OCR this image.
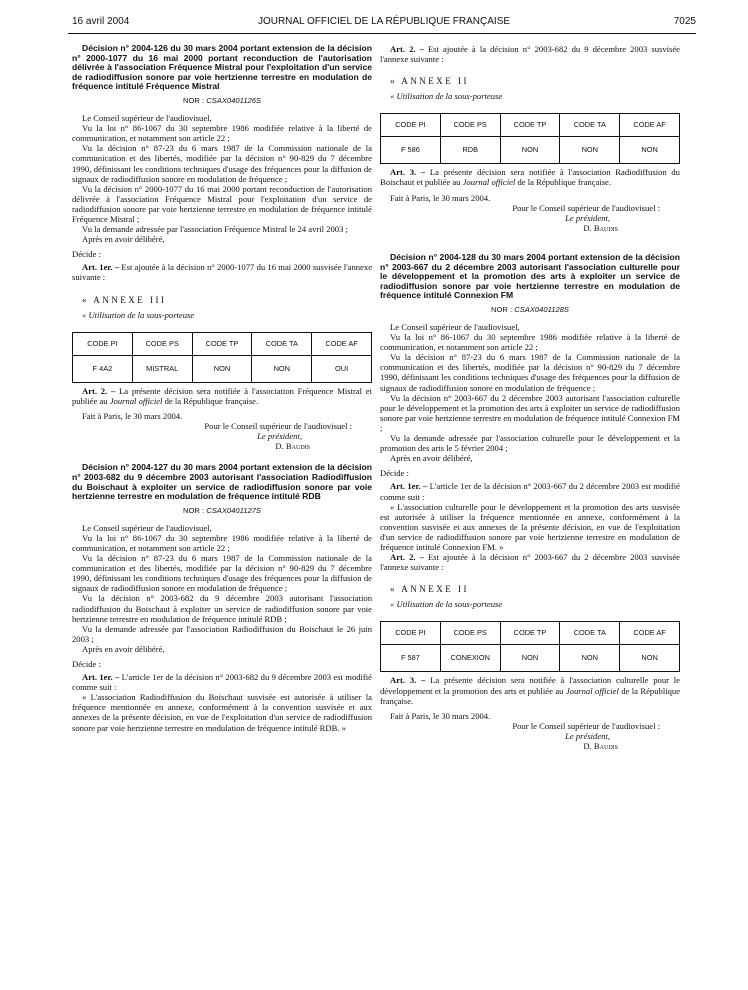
16 avril 2004	JOURNAL OFFICIEL DE LA RÉPUBLIQUE FRANÇAISE	7025

Décision n° 2004-126 du 30 mars 2004 portant extension de la décision n° 2000-1077 du 16 mai 2000 portant reconduction de l'autorisation délivrée à l'association Fréquence Mistral pour l'exploitation d'un service de radiodiffusion sonore par voie hertzienne terrestre en modulation de fréquence intitulé Fréquence Mistral

NOR : CSAX0401126S

Le Conseil supérieur de l'audiovisuel,

Vu la loi n° 86-1067 du 30 septembre 1986 modifiée relative à la liberté de communication, et notamment son article 22 ;

Vu la décision n° 87-23 du 6 mars 1987 de la Commission nationale de la communication et des libertés, modifiée par la décision n° 90-829 du 7 décembre 1990, définissant les conditions techniques d'usage des fréquences pour la diffusion de signaux de radiodiffusion sonore en modulation de fréquence ;

Vu la décision n° 2000-1077 du 16 mai 2000 portant reconduction de l'autorisation délivrée à l'association Fréquence Mistral pour l'exploitation d'un service de radiodiffusion sonore par voie hertzienne terrestre en modulation de fréquence intitulé Fréquence Mistral ;

Vu la demande adressée par l'association Fréquence Mistral le 24 avril 2003 ;

Après en avoir délibéré,

Décide :

Art. 1er. – Est ajoutée à la décision n° 2000-1077 du 16 mai 2000 susvisée l'annexe suivante :

« ANNEXE III

« Utilisation de la sous-porteuse

CODE PI	CODE PS	CODE TP	CODE TA	CODE AF
F 4A2	MISTRAL	NON	NON	OUI

Art. 2. – La présente décision sera notifiée à l'association Fréquence Mistral et publiée au Journal officiel de la République française.

Fait à Paris, le 30 mars 2004.

Pour le Conseil supérieur de l'audiovisuel :

Le président,

D. Baudis

Décision n° 2004-127 du 30 mars 2004 portant extension de la décision n° 2003-682 du 9 décembre 2003 autorisant l'association Radiodiffusion du Boischaut à exploiter un service de radiodiffusion sonore par voie hertzienne terrestre en modulation de fréquence intitulé RDB

NOR : CSAX0401127S

Le Conseil supérieur de l'audiovisuel,

Vu la loi n° 86-1067 du 30 septembre 1986 modifiée relative à la liberté de communication, et notamment son article 22 ;

Vu la décision n° 87-23 du 6 mars 1987 de la Commission nationale de la communication et des libertés, modifiée par la décision n° 90-829 du 7 décembre 1990, définissant les conditions techniques d'usage des fréquences pour la diffusion de signaux de radiodiffusion sonore en modulation de fréquence ;

Vu la décision n° 2003-682 du 9 décembre 2003 autorisant l'association radiodiffusion du Boischaut à exploiter un service de radiodiffusion sonore par voie hertzienne terrestre en modulation de fréquence intitulé RDB ;

Vu la demande adressée par l'association Radiodiffusion du Boischaut le 26 juin 2003 ;

Après en avoir délibéré,

Décide :

Art. 1er. – L'article 1er de la décision n° 2003-682 du 9 décembre 2003 est modifié comme suit :

« L'association Radiodiffusion du Boischaut susvisée est autorisée à utiliser la fréquence mentionnée en annexe, conformément à la convention susvisée et aux annexes de la présente décision, en vue de l'exploitation d'un service de radiodiffusion sonore par voie hertzienne terrestre en modulation de fréquence intitulé RDB. »

Art. 2. – Est ajoutée à la décision n° 2003-682 du 9 décembre 2003 susvisée l'annexe suivante :

« ANNEXE II

« Utilisation de la sous-porteuse

CODE PI	CODE PS	CODE TP	CODE TA	CODE AF
F 586	RDB	NON	NON	NON

Art. 3. – La présente décision sera notifiée à l'association Radiodiffusion du Boischaut et publiée au Journal officiel de la République française.

Fait à Paris, le 30 mars 2004.

Pour le Conseil supérieur de l'audiovisuel :

Le président,

D. Baudis

Décision n° 2004-128 du 30 mars 2004 portant extension de la décision n° 2003-667 du 2 décembre 2003 autorisant l'association culturelle pour le développement et la promotion des arts à exploiter un service de radiodiffusion sonore par voie hertzienne terrestre en modulation de fréquence intitulé Connexion FM

NOR : CSAX0401128S

Le Conseil supérieur de l'audiovisuel,

Vu la loi n° 86-1067 du 30 septembre 1986 modifiée relative à la liberté de communication, et notamment son article 22 ;

Vu la décision n° 87-23 du 6 mars 1987 de la Commission nationale de la communication et des libertés, modifiée par la décision n° 90-829 du 7 décembre 1990, définissant les conditions techniques d'usage des fréquences pour la diffusion de signaux de radiodiffusion sonore en modulation de fréquence ;

Vu la décision n° 2003-667 du 2 décembre 2003 autorisant l'association culturelle pour le développement et la promotion des arts à exploiter un service de radiodiffusion sonore par voie hertzienne terrestre en modulation de fréquence intitulé Connexion FM ;

Vu la demande adressée par l'association culturelle pour le développement et la promotion des arts le 5 février 2004 ;

Après en avoir délibéré,

Décide :

Art. 1er. – L'article 1er de la décision n° 2003-667 du 2 décembre 2003 est modifié comme suit :

« L'association culturelle pour le développement et la promotion des arts susvisée est autorisée à utiliser la fréquence mentionnée en annexe, conformément à la convention susvisée et aux annexes de la présente décision, en vue de l'exploitation d'un service de radiodiffusion sonore par voie hertzienne terrestre en modulation de fréquence intitulé Connexion FM. »

Art. 2. – Est ajoutée à la décision n° 2003-667 du 2 décembre 2003 susvisée l'annexe suivante :

« ANNEXE II

« Utilisation de la sous-porteuse

CODE PI	CODE PS	CODE TP	CODE TA	CODE AF
F 587	CONEXION	NON	NON	NON

Art. 3. – La présente décision sera notifiée à l'association culturelle pour le développement et la promotion des arts et publiée au Journal officiel de la République française.

Fait à Paris, le 30 mars 2004.

Pour le Conseil supérieur de l'audiovisuel :

Le président,

D. Baudis
